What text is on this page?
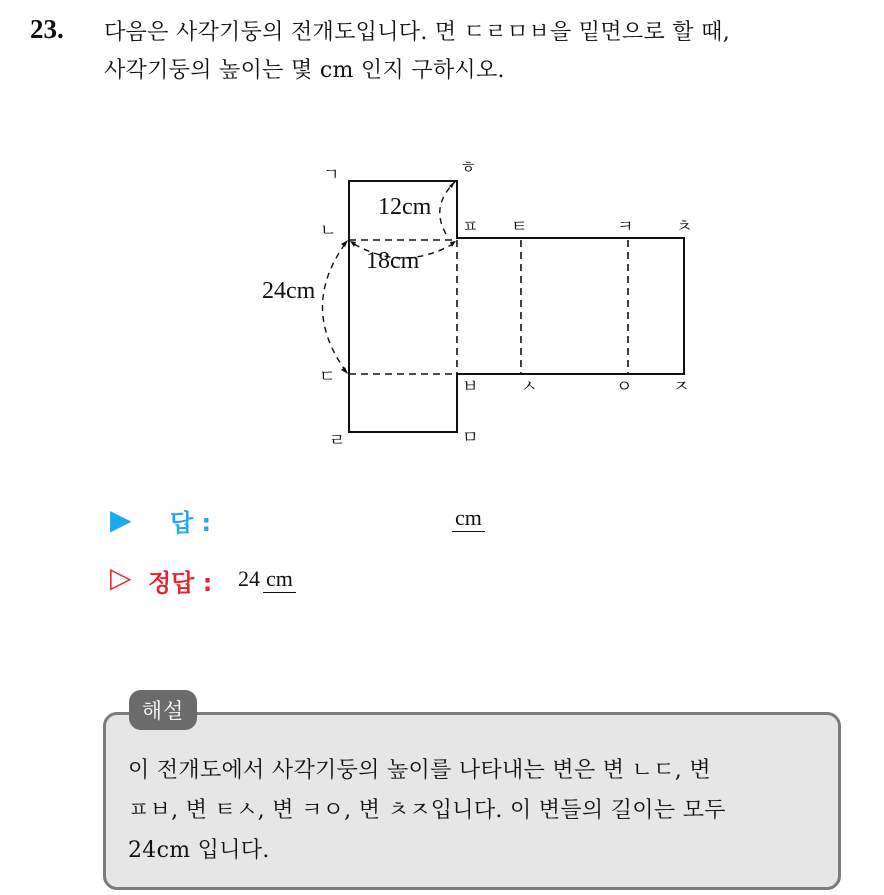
23. 다음은 사각기둥의 전개도입니다. 면 ㄷㄹㅁㅂ을 밑면으로 할 때,
사각기둥의 높이는 몇 cm 인지 구하시오.
ㄱ	ㅎ
ㄴ	ㅍ ㅌ	ㅋ	ㅊ
ㄷ	ㅂ	ㅅ	ㅇ ㅈ
ㄹ	ㅁ
12cm
18cm
24cm
▶ 답 :	cm
▷ 정답 : 24 cm
이 전개도에서 사각기둥의 높이를 나타내는 변은 변 ㄴㄷ, 변
ㅍㅂ, 변 ㅌㅅ, 변 ㅋㅇ, 변 ㅊㅈ입니다. 이 변들의 길이는 모두
24cm 입니다.
해설
